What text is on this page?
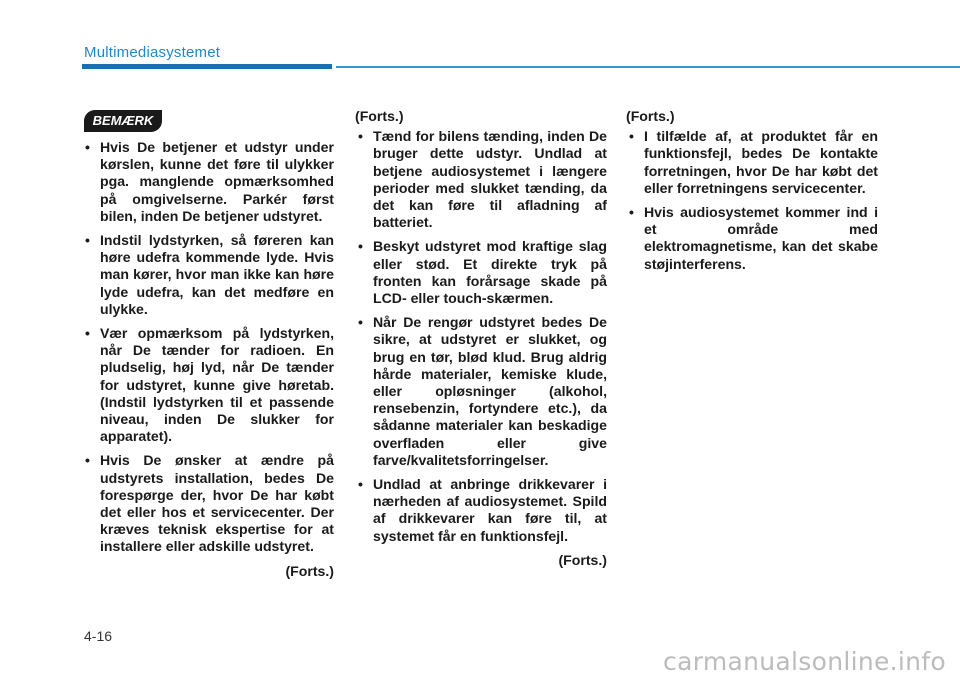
Multimediasystemet
BEMÆRK
• Hvis De betjener et udstyr under kørslen, kunne det føre til ulykker pga. manglende opmærksomhed på omgivelserne. Parkér først bilen, inden De betjener udstyret.
• Indstil lydstyrken, så føreren kan høre udefra kommende lyde. Hvis man kører, hvor man ikke kan høre lyde udefra, kan det medføre en ulykke.
• Vær opmærksom på lydstyrken, når De tænder for radioen. En pludselig, høj lyd, når De tænder for udstyret, kunne give høretab. (Indstil lydstyrken til et passende niveau, inden De slukker for apparatet).
• Hvis De ønsker at ændre på udstyrets installation, bedes De forespørge der, hvor De har købt det eller hos et servicecenter. Der kræves teknisk ekspertise for at installere eller adskille udstyret.
(Forts.)
(Forts.)
• Tænd for bilens tænding, inden De bruger dette udstyr. Undlad at betjene audiosystemet i længere perioder med slukket tænding, da det kan føre til afladning af batteriet.
• Beskyt udstyret mod kraftige slag eller stød. Et direkte tryk på fronten kan forårsage skade på LCD- eller touch-skærmen.
• Når De rengør udstyret bedes De sikre, at udstyret er slukket, og brug en tør, blød klud. Brug aldrig hårde materialer, kemiske klude, eller opløsninger (alkohol, rensebenzin, fortyndere etc.), da sådanne materialer kan beskadige overfladen eller give farve/kvalitetsforringelser.
• Undlad at anbringe drikkevarer i nærheden af audiosystemet. Spild af drikkevarer kan føre til, at systemet får en funktionsfejl.
(Forts.)
(Forts.)
• I tilfælde af, at produktet får en funktionsfejl, bedes De kontakte forretningen, hvor De har købt det eller forretningens servicecenter.
• Hvis audiosystemet kommer ind i et område med elektromagnetisme, kan det skabe støjinterferens.
4-16
carmanualsonline.info
